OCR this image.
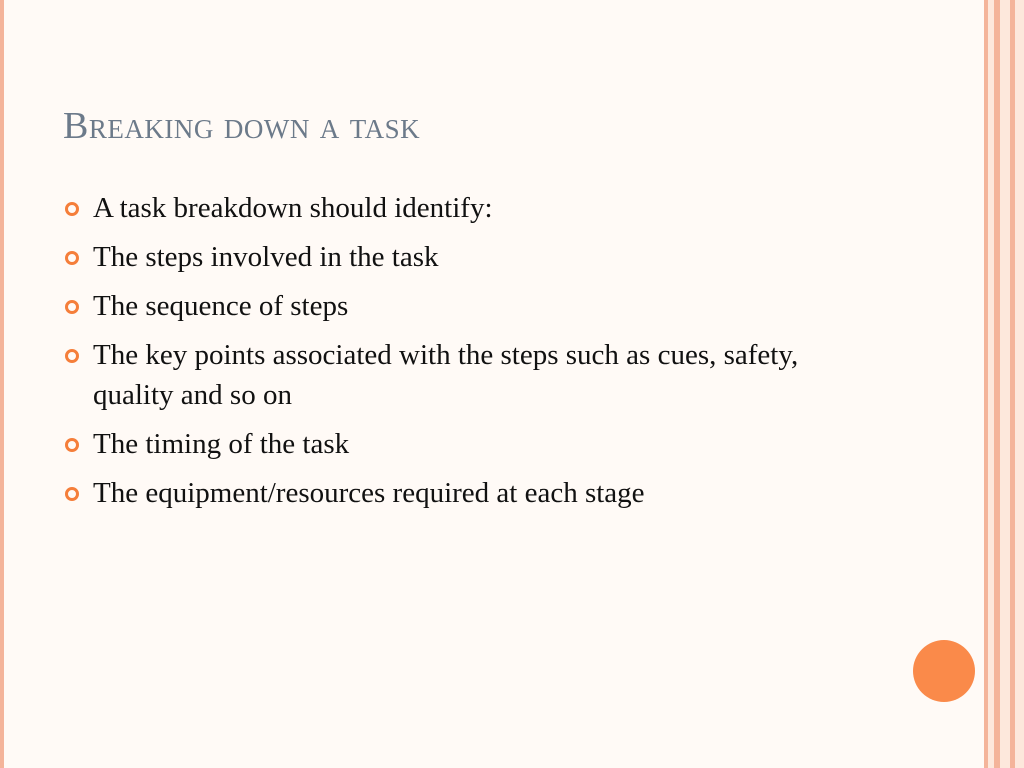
Breaking down a task
A task breakdown should identify:
The steps involved in the task
The sequence of steps
The key points associated with the steps such as cues, safety, quality and so on
The timing of the task
The equipment/resources required at each stage
